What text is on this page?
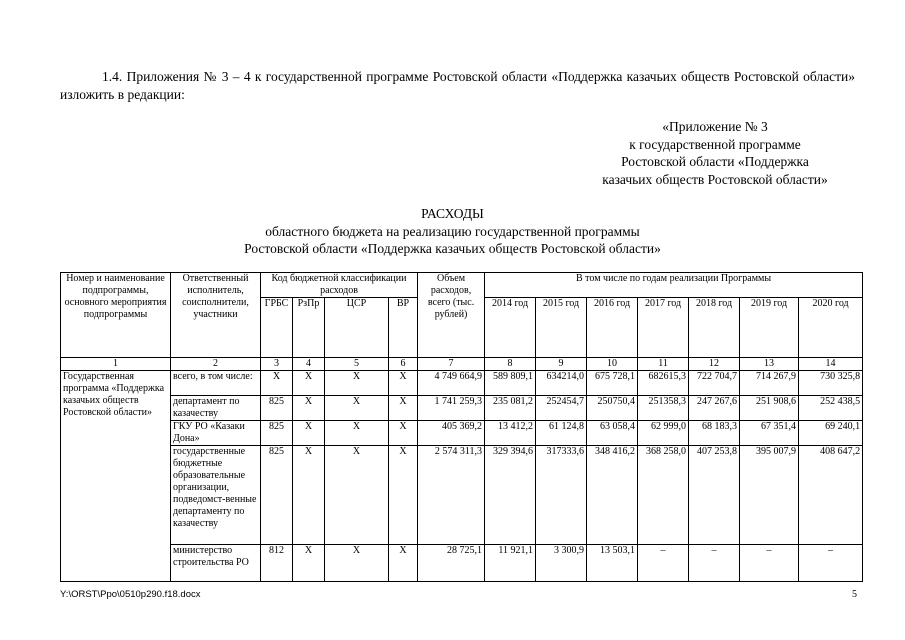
1.4. Приложения № 3 – 4 к государственной программе Ростовской области «Поддержка казачьих обществ Ростовской области» изложить в редакции:
«Приложение № 3
к государственной программе
Ростовской области «Поддержка
казачьих обществ Ростовской области»
РАСХОДЫ
областного бюджета на реализацию государственной программы
Ростовской области «Поддержка казачьих обществ Ростовской области»
Номер и наименование подпрограммы, основного мероприятия подпрограммы	Ответственный исполнитель, соисполнители, участники	Код бюджетной классификации расходов				Объем расходов, всего (тыс. рублей)	В том числе по годам реализации Программы						
		ГРБС	РзПр	ЦСР	ВР		2014 год	2015 год	2016 год	2017 год	2018 год	2019 год	2020 год
1	2	3	4	5	6	7	8	9	10	11	12	13	14
Государственная программа «Поддержка казачьих обществ Ростовской области»	всего, в том числе:	Х	Х	Х	Х	4 749 664,9	589 809,1	634214,0	675 728,1	682615,3	722 704,7	714 267,9	730 325,8
	департамент по казачеству	825	Х	Х	Х	1 741 259,3	235 081,2	252454,7	250750,4	251358,3	247 267,6	251 908,6	252 438,5
	ГКУ РО «Казаки Дона»	825	Х	Х	Х	405 369,2	13 412,2	61 124,8	63 058,4	62 999,0	68 183,3	67 351,4	69 240,1
	государственные бюджетные образовательные организации, подведомст-венные департаменту по казачеству	825	Х	Х	Х	2 574 311,3	329 394,6	317333,6	348 416,2	368 258,0	407 253,8	395 007,9	408 647,2
	министерство строительства РО	812	Х	Х	Х	28 725,1	11 921,1	3 300,9	13 503,1	–	–	–	–
Y:\ORST\Ppo\0510p290.f18.docx	5
